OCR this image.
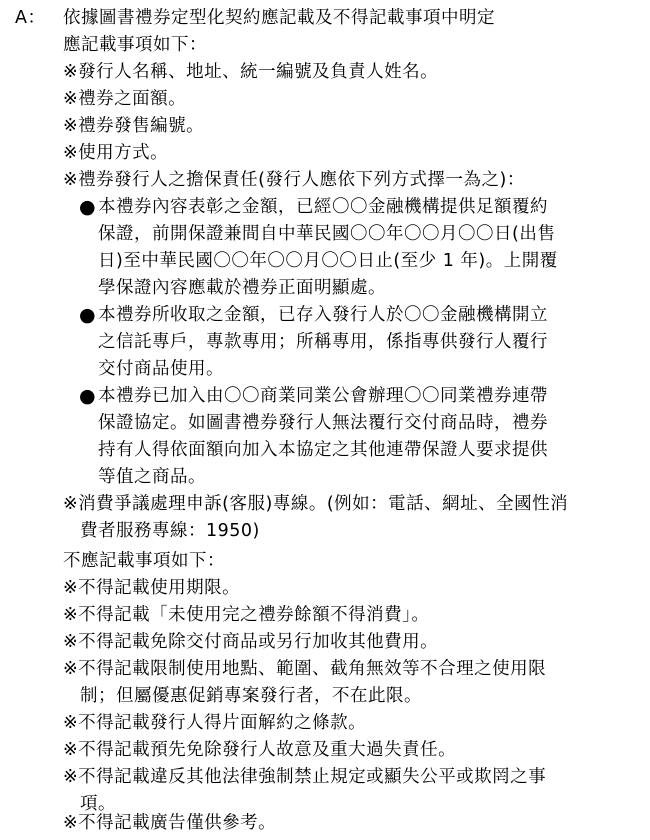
A： 依據圖書禮券定型化契約應記載及不得記載事項中明定
應記載事項如下：
※發行人名稱、地址、統一編號及負責人姓名。
※禮券之面額。
※禮券發售編號。
※使用方式。
※禮券發行人之擔保責任(發行人應依下列方式擇一為之)：
● 本禮券內容表彰之金額，已經〇〇金融機構提供足額覆約
保證，前開保證兼間自中華民國〇〇年〇〇月〇〇日(出售
日)至中華民國〇〇年〇〇月〇〇日止(至少 1 年)。上開覆
學保證內容應載於禮券正面明顯處。
● 本禮券所收取之金額，已存入發行人於〇〇金融機構開立
之信託專戶，專款專用；所稱專用，係指專供發行人覆行
交付商品使用。
● 本禮券已加入由〇〇商業同業公會辦理〇〇同業禮券連帶
保證協定。如圖書禮券發行人無法覆行交付商品時，禮券
持有人得依面額向加入本協定之其他連帶保證人要求提供
等值之商品。
※消費爭議處理申訴(客服)專線。(例如：電話、網址、全國性消
費者服務專線：1950)
不應記載事項如下：
※不得記載使用期限。
※不得記載「未使用完之禮券餘額不得消費」。
※不得記載免除交付商品或另行加收其他費用。
※不得記載限制使用地點、範圍、截角無效等不合理之使用限
制；但屬優惠促銷專案發行者，不在此限。
※不得記載發行人得片面解約之條款。
※不得記載預先免除發行人故意及重大過失責任。
※不得記載違反其他法律強制禁止規定或顯失公平或欺罔之事
項。
※不得記載廣告僅供參考。
